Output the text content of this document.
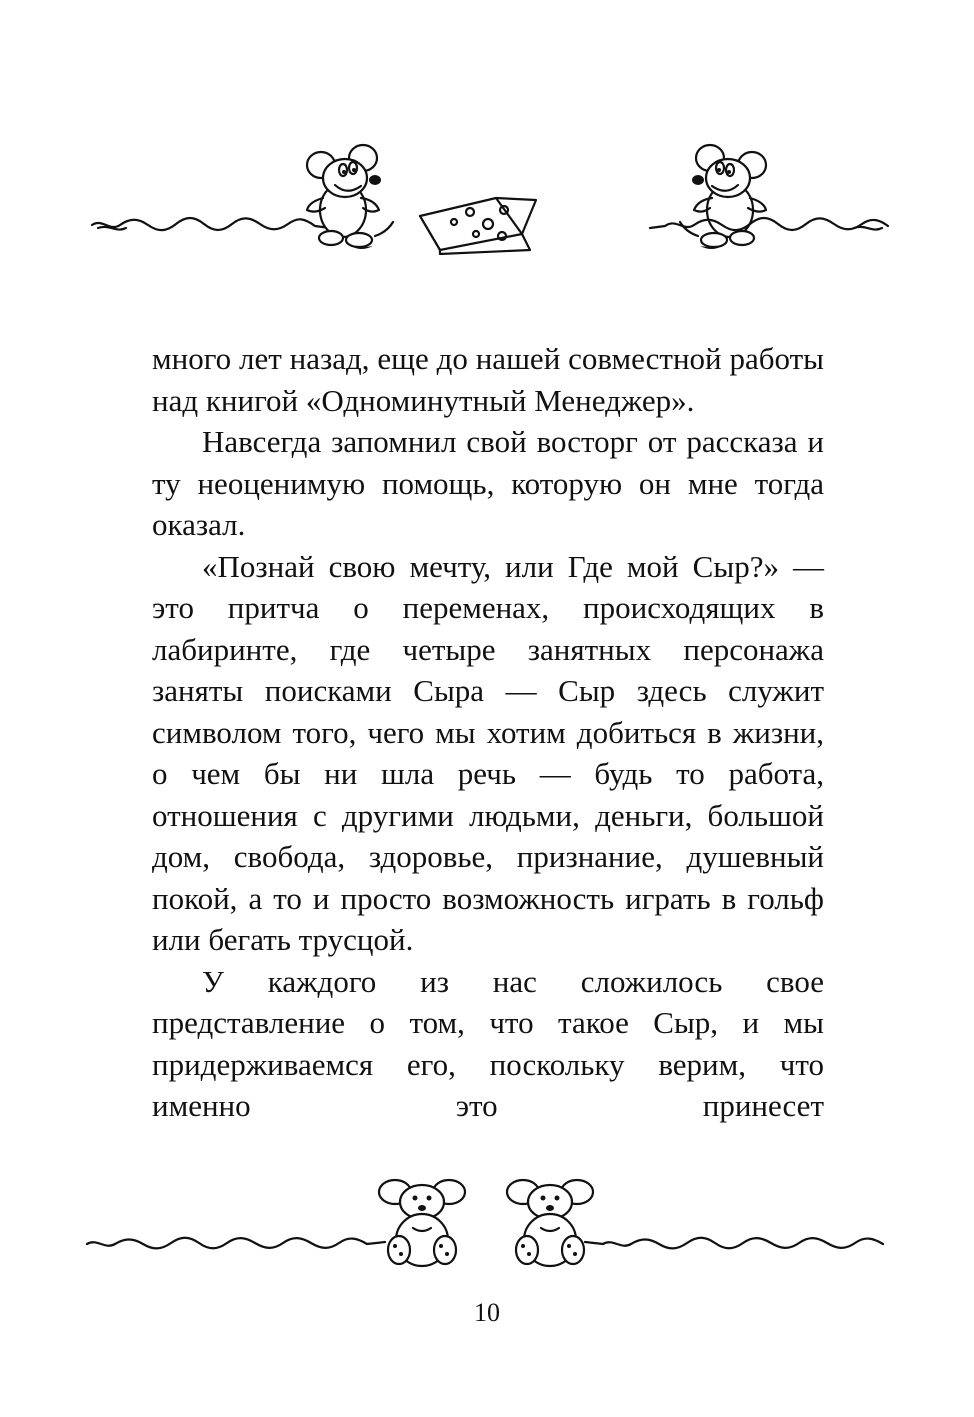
много лет назад, еще до нашей совместной работы над книгой «Одноминутный Менеджер».

Навсегда запомнил свой восторг от рассказа и ту неоценимую помощь, которую он мне тогда оказал.

«Познай свою мечту, или Где мой Сыр?» — это притча о переменах, происходящих в лабиринте, где четыре занятных персонажа заняты поисками Сыра — Сыр здесь служит символом того, чего мы хотим добиться в жизни, о чем бы ни шла речь — будь то работа, отношения с другими людьми, деньги, большой дом, свобода, здоровье, признание, душевный покой, а то и просто возможность играть в гольф или бегать трусцой.

У каждого из нас сложилось свое представление о том, что такое Сыр, и мы придерживаемся его, поскольку верим, что именно это принесет

10
